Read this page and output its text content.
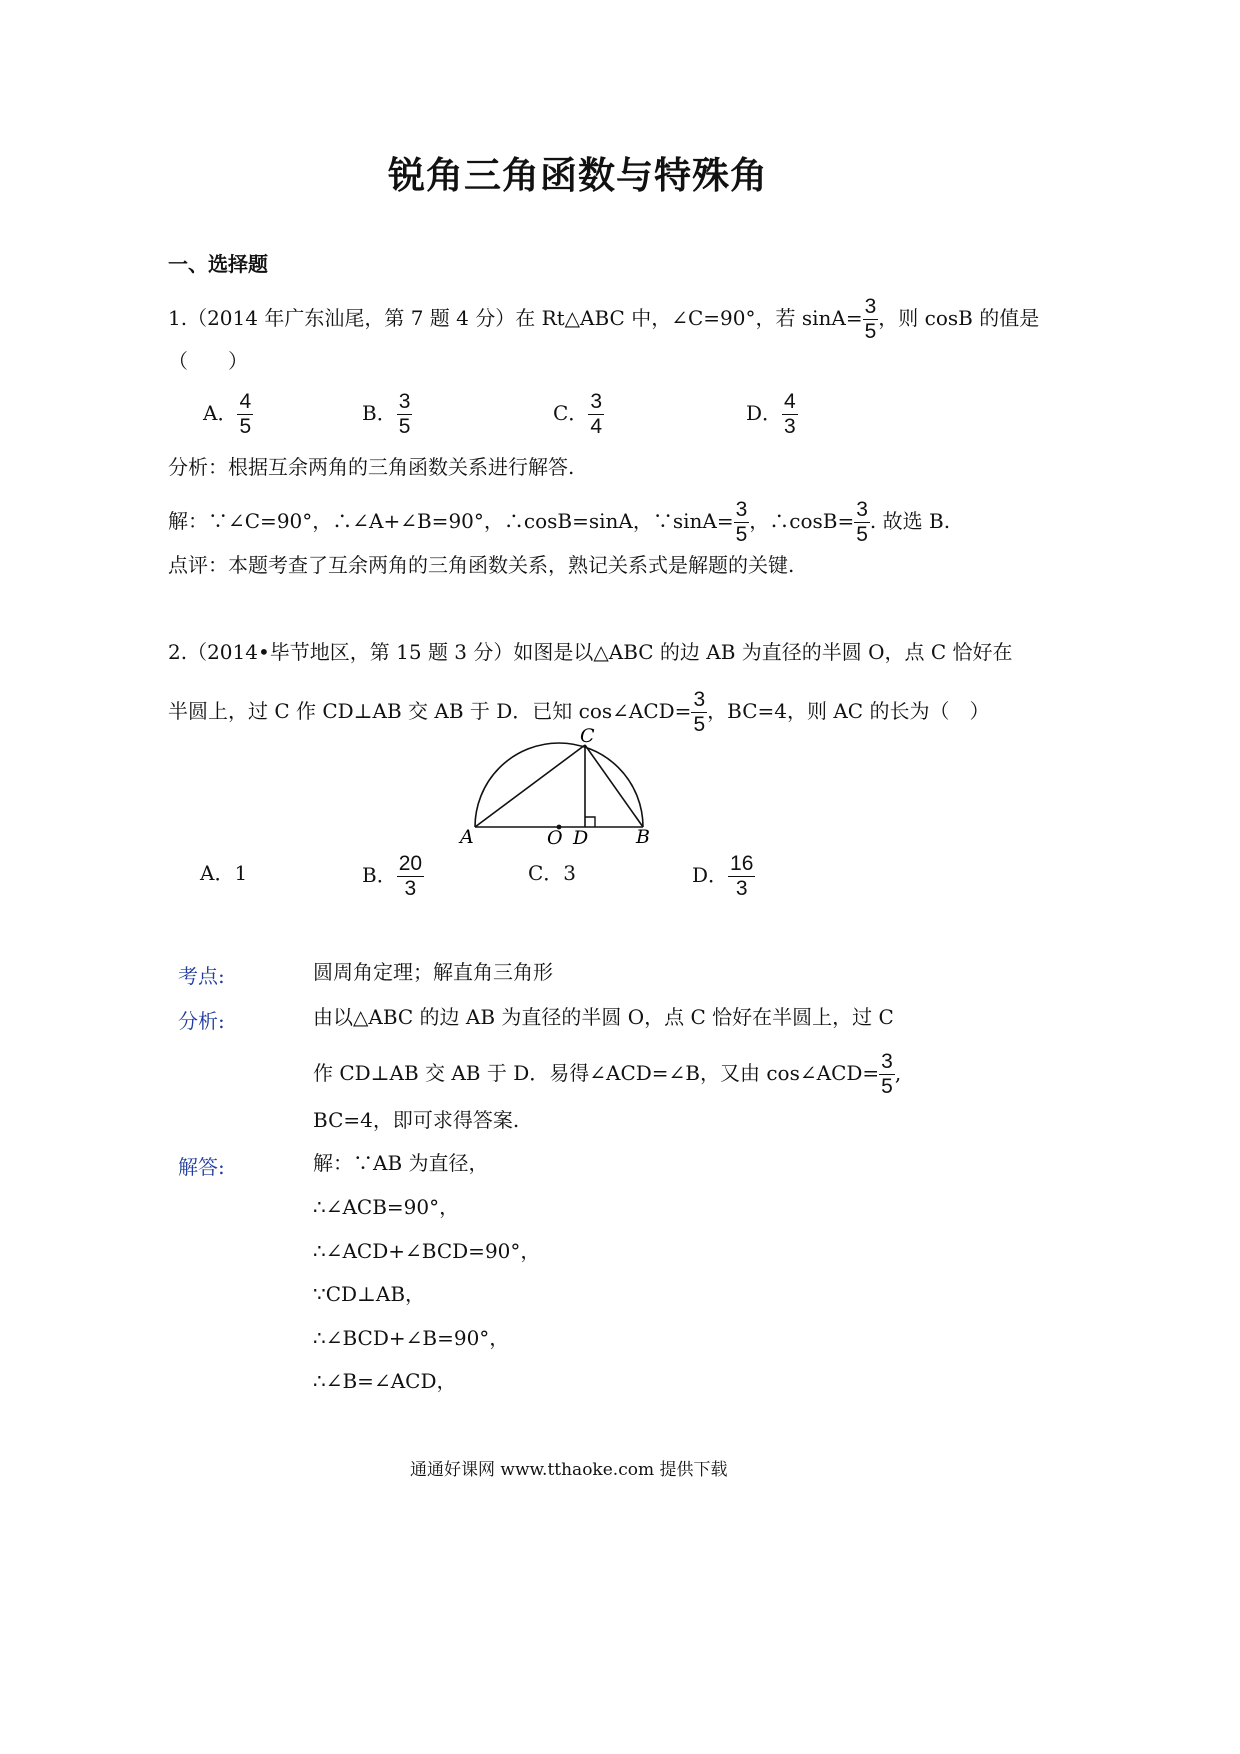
锐角三角函数与特殊角
一、选择题
1.（2014 年广东汕尾，第 7 题 4 分）在 Rt△ABC 中，∠C=90°，若 $\sin A= \frac{3}{5}$ ，则 cosB 的值是
（　　）
A． $\frac{4}{5}$	B． $\frac{3}{5}$	C． $\frac{3}{4}$	D． $\frac{4}{3}$
分析：根据互余两角的三角函数关系进行解答.
解：∵∠C=90°，∴∠A+∠B=90°，∴cosB=sinA，∵sinA= $\frac{3}{5}$ ，∴cosB= $\frac{3}{5}$ . 故选 B.
点评：本题考查了互余两角的三角函数关系，熟记关系式是解题的关键.
2.（2014•毕节地区，第 15 题 3 分）如图是以△ABC 的边 AB 为直径的半圆 O，点 C 恰好在
半圆上，过 C 作 CD⊥AB 交 AB 于 D．已知 cos∠ACD= $\frac{3}{5}$ ，BC=4，则 AC 的长为（　）
C
A	O D	B
A．1	B． $\frac{20}{3}$	C．3	D． $\frac{16}{3}$
考点:	圆周角定理；解直角三角形
分析:	由以△ABC 的边 AB 为直径的半圆 O，点 C 恰好在半圆上，过 C
作 CD⊥AB 交 AB 于 D．易得∠ACD=∠B，又由 cos∠ACD= $\frac{3}{5}$ ,
BC=4，即可求得答案.
解答:	解：∵AB 为直径，
∴∠ACB=90°，
∴∠ACD+∠BCD=90°，
∵CD⊥AB，
∴∠BCD+∠B=90°，
∴∠B=∠ACD，
通通好课网 www.tthaoke.com 提供下载
